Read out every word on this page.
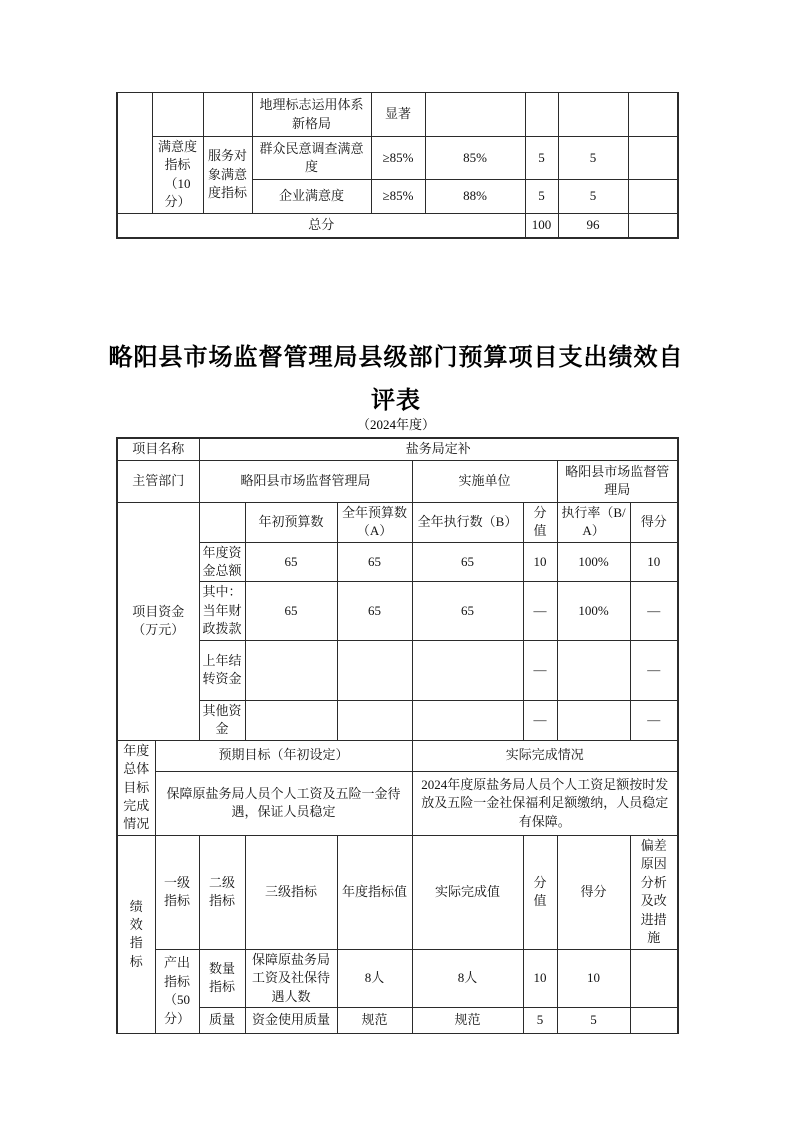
			地理标志运用体系新格局	显著				
	满意度指标（10分）	服务对象满意度指标	群众民意调查满意度	≥85%	85%	5	5	
			企业满意度	≥85%	88%	5	5	
总分						100	96	
略阳县市场监督管理局县级部门预算项目支出绩效自评表
（2024年度）
项目名称		盐务局定补						
主管部门		略阳县市场监督管理局			实施单位		略阳县市场监督管理局	
项目资金（万元）			年初预算数	全年预算数（A）	全年执行数（B）	分值	执行率（B/A）	得分
		年度资金总额	65	65	65	10	100%	10
		其中：当年财政拨款	65	65	65	—	100%	—
		上年结转资金				—		—
		其他资金				—		—
年度总体目标完成情况	预期目标（年初设定）				实际完成情况			
	保障原盐务局人员个人工资及五险一金待遇，保证人员稳定				2024年度原盐务局人员个人工资足额按时发放及五险一金社保福利足额缴纳，人员稳定有保障。			
绩效指标	一级指标	二级指标	三级指标	年度指标值	实际完成值	分值	得分	偏差原因分析及改进措施
	产出指标（50分）	数量指标	保障原盐务局工资及社保待遇人数	8人	8人	10	10	
		质量	资金使用质量	规范	规范	5	5	
